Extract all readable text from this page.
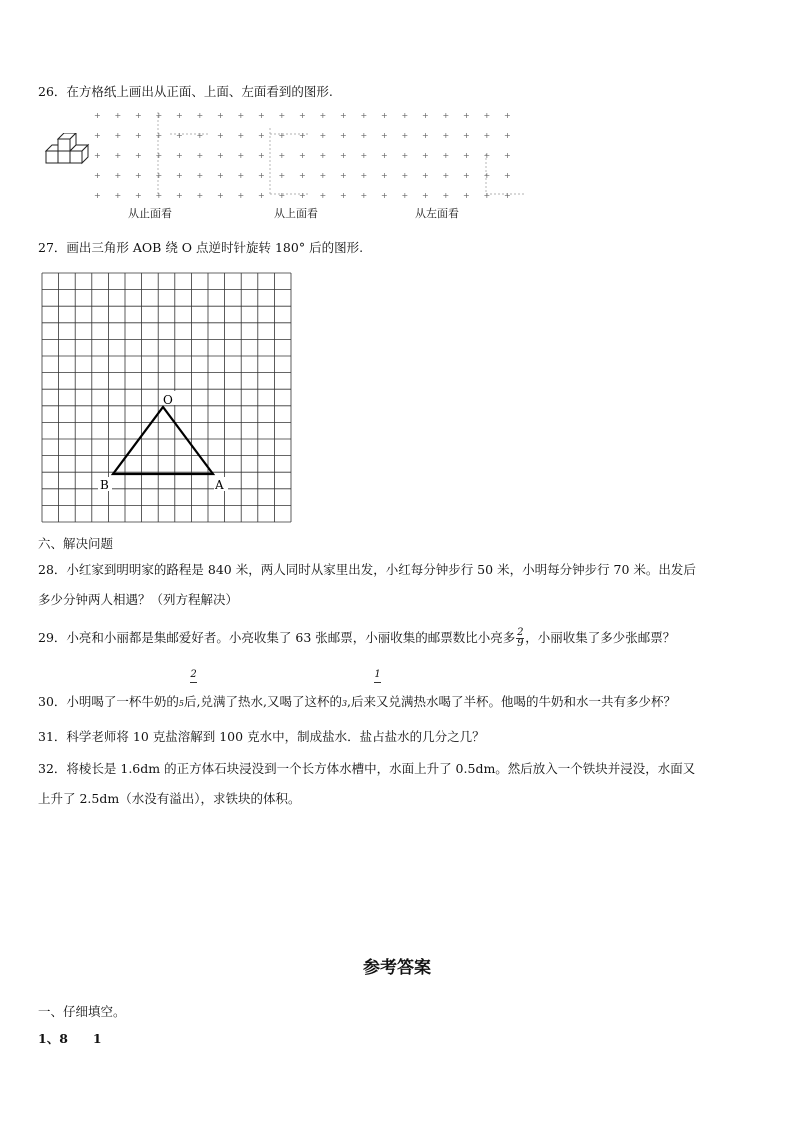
26．在方格纸上画出从正面、上面、左面看到的图形.
+ + + + + + + + + + + + + + + + + + + + +
+ + + + + + + + + + + + + + + + + + + + +
+ + + + + + + + + + + + + + + + + + + + +
+ + + + + + + + + + + + + + + + + + + + +
+ + + + + + + + + + + + + + + + + + + + +
从止面看	从上面看	从左面看
27．画出三角形 AOB 绕 O 点逆时针旋转 180° 后的图形.
O
B	A
六、解决问题
28．小红家到明明家的路程是 840 米，两人同时从家里出发，小红每分钟步行 50 米，小明每分钟步行 70 米。出发后
多少分钟两人相遇？（列方程解决）
29．小亮和小丽都是集邮爱好者。小亮收集了 63 张邮票，小丽收集的邮票数比小亮多 $\frac{2}{9}$ ，小丽收集了多少张邮票？
2	1
30．小明喝了一杯牛奶的5后,兑满了热水,又喝了这杯的3,后来又兑满热水喝了半杯。他喝的牛奶和水一共有多少杯？
31．科学老师将 10 克盐溶解到 100 克水中，制成盐水．盐占盐水的几分之几？
32．将棱长是 1.6dm 的正方体石块浸没到一个长方体水槽中，水面上升了 0.5dm。然后放入一个铁块并浸没，水面又
上升了 2.5dm（水没有溢出），求铁块的体积。
参考答案
一、仔细填空。
1、8　　1
